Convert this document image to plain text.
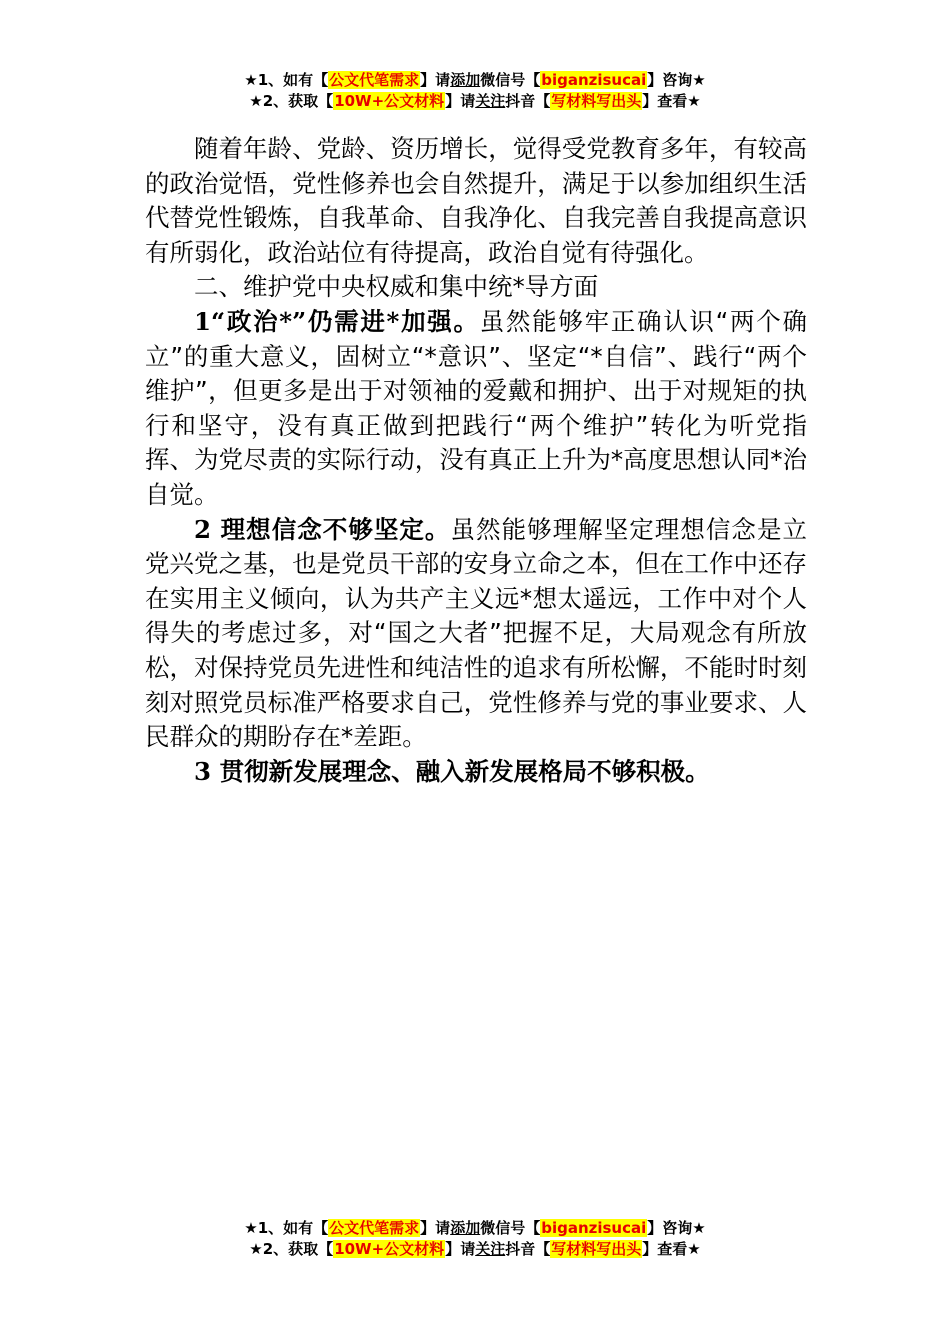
★1、如有【公文代笔需求】请添加微信号【biganzisucai】咨询★
★2、获取【10W+公文材料】请关注抖音【写材料写出头】查看★

随着年龄、党龄、资历增长，觉得受党教育多年，有较高的政治觉悟，党性修养也会自然提升，满足于以参加组织生活代替党性锻炼，自我革命、自我净化、自我完善自我提高意识有所弱化，政治站位有待提高，政治自觉有待强化。

二、维护党中央权威和集中统*导方面

1“政治*”仍需进*加强。虽然能够牢正确认识“两个确立”的重大意义，固树立“*意识”、坚定“*自信”、践行“两个维护”，但更多是出于对领袖的爱戴和拥护、出于对规矩的执行和坚守，没有真正做到把践行“两个维护”转化为听党指挥、为党尽责的实际行动，没有真正上升为*高度思想认同*治自觉。

2 理想信念不够坚定。虽然能够理解坚定理想信念是立党兴党之基，也是党员干部的安身立命之本，但在工作中还存在实用主义倾向，认为共产主义远*想太遥远，工作中对个人得失的考虑过多，对“国之大者”把握不足，大局观念有所放松，对保持党员先进性和纯洁性的追求有所松懈，不能时时刻刻对照党员标准严格要求自己，党性修养与党的事业要求、人民群众的期盼存在*差距。

3 贯彻新发展理念、融入新发展格局不够积极。

★1、如有【公文代笔需求】请添加微信号【biganzisucai】咨询★
★2、获取【10W+公文材料】请关注抖音【写材料写出头】查看★
